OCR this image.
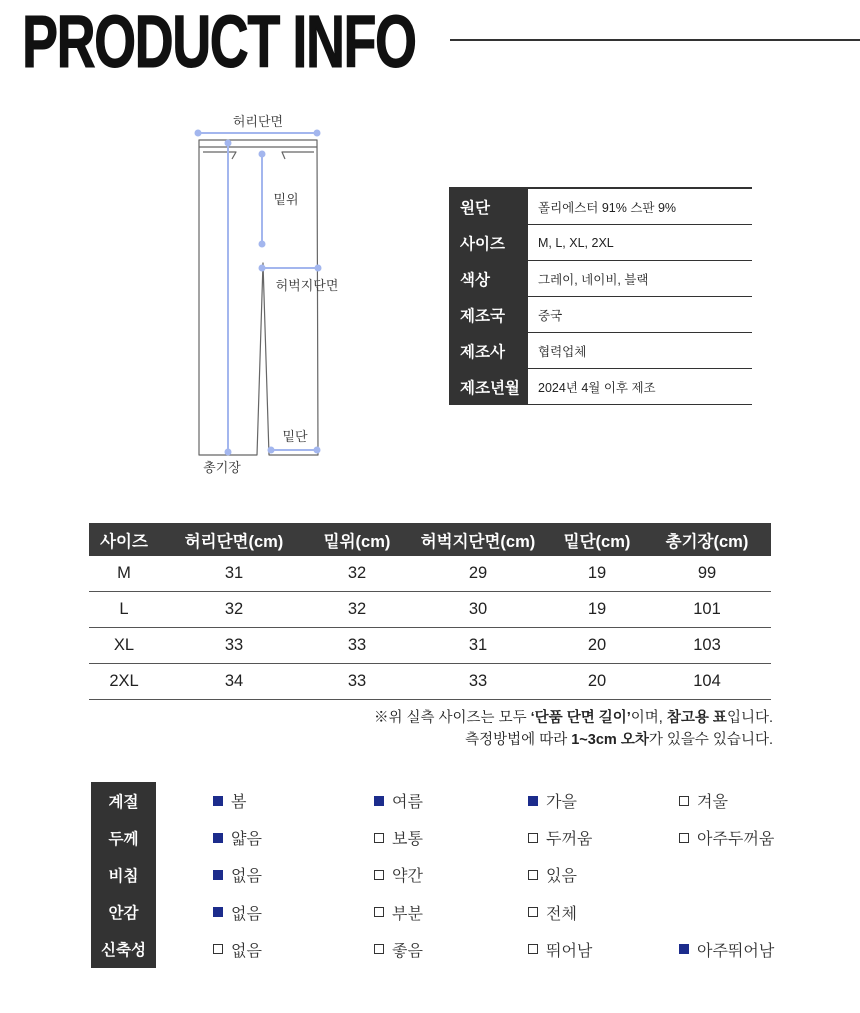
PRODUCT INFO
허리단면
밑위
허벅지단면
밑단
총기장
원단	폴리에스터 91% 스판 9%
사이즈	M, L, XL, 2XL
색상	그레이, 네이비, 블랙
제조국	중국
제조사	협력업체
제조년월	2024년 4월 이후 제조
사이즈	허리단면(cm)	밑위(cm)	허벅지단면(cm)	밑단(cm)	총기장(cm)
M	31	32	29	19	99
L	32	32	30	19	101
XL	33	33	31	20	103
2XL	34	33	33	20	104
※위 실측 사이즈는 모두 ‘단품 단면 길이’이며, 참고용 표입니다.
측정방법에 따라 1~3cm 오차가 있을수 있습니다.
계절	봄	여름	가을	겨울
두께	얇음	보통	두꺼움	아주두꺼움
비침	없음	약간	있음
안감	없음	부분	전체
신축성	없음	좋음	뛰어남	아주뛰어남
